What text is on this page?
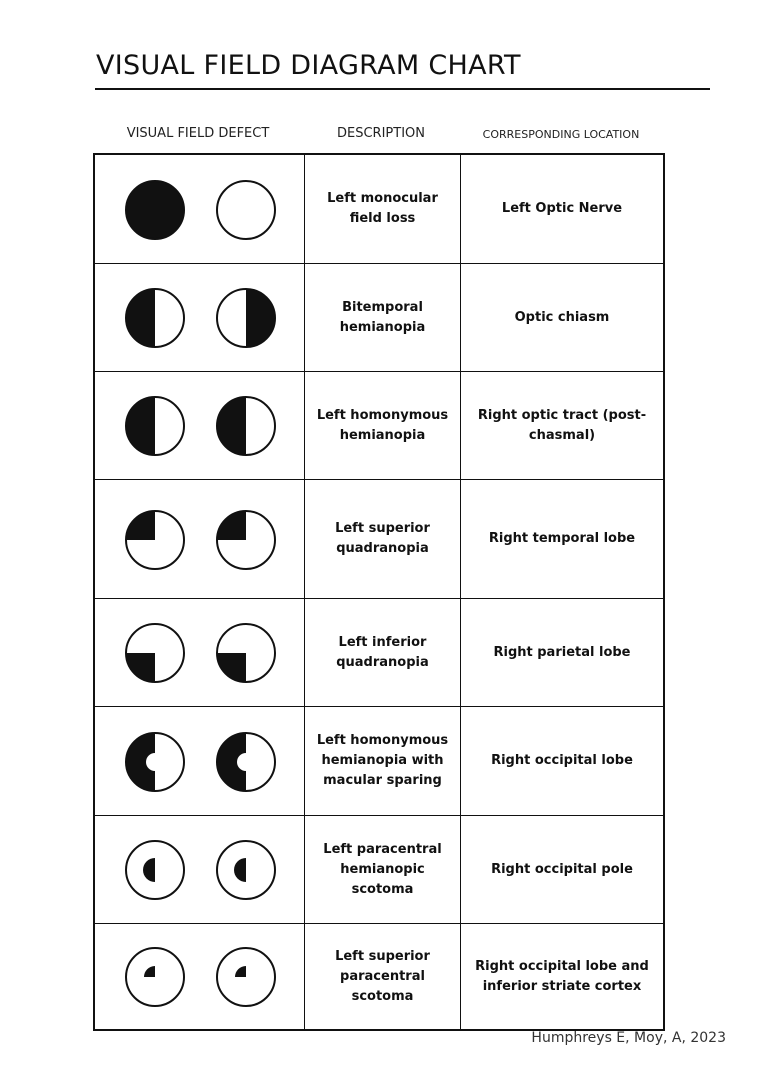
VISUAL FIELD DIAGRAM CHART
VISUAL FIELD DEFECT	DESCRIPTION	CORRESPONDING LOCATION
Left monocular field loss
Left Optic Nerve
Bitemporal hemianopia
Optic chiasm
Left homonymous hemianopia
Right optic tract (post-chasmal)
Left superior quadranopia
Right temporal lobe
Left inferior quadranopia
Right parietal lobe
Left homonymous hemianopia with macular sparing
Right occipital lobe
Left paracentral hemianopic scotoma
Right occipital pole
Left superior paracentral scotoma
Right occipital lobe and inferior striate cortex
Humphreys E, Moy, A, 2023
